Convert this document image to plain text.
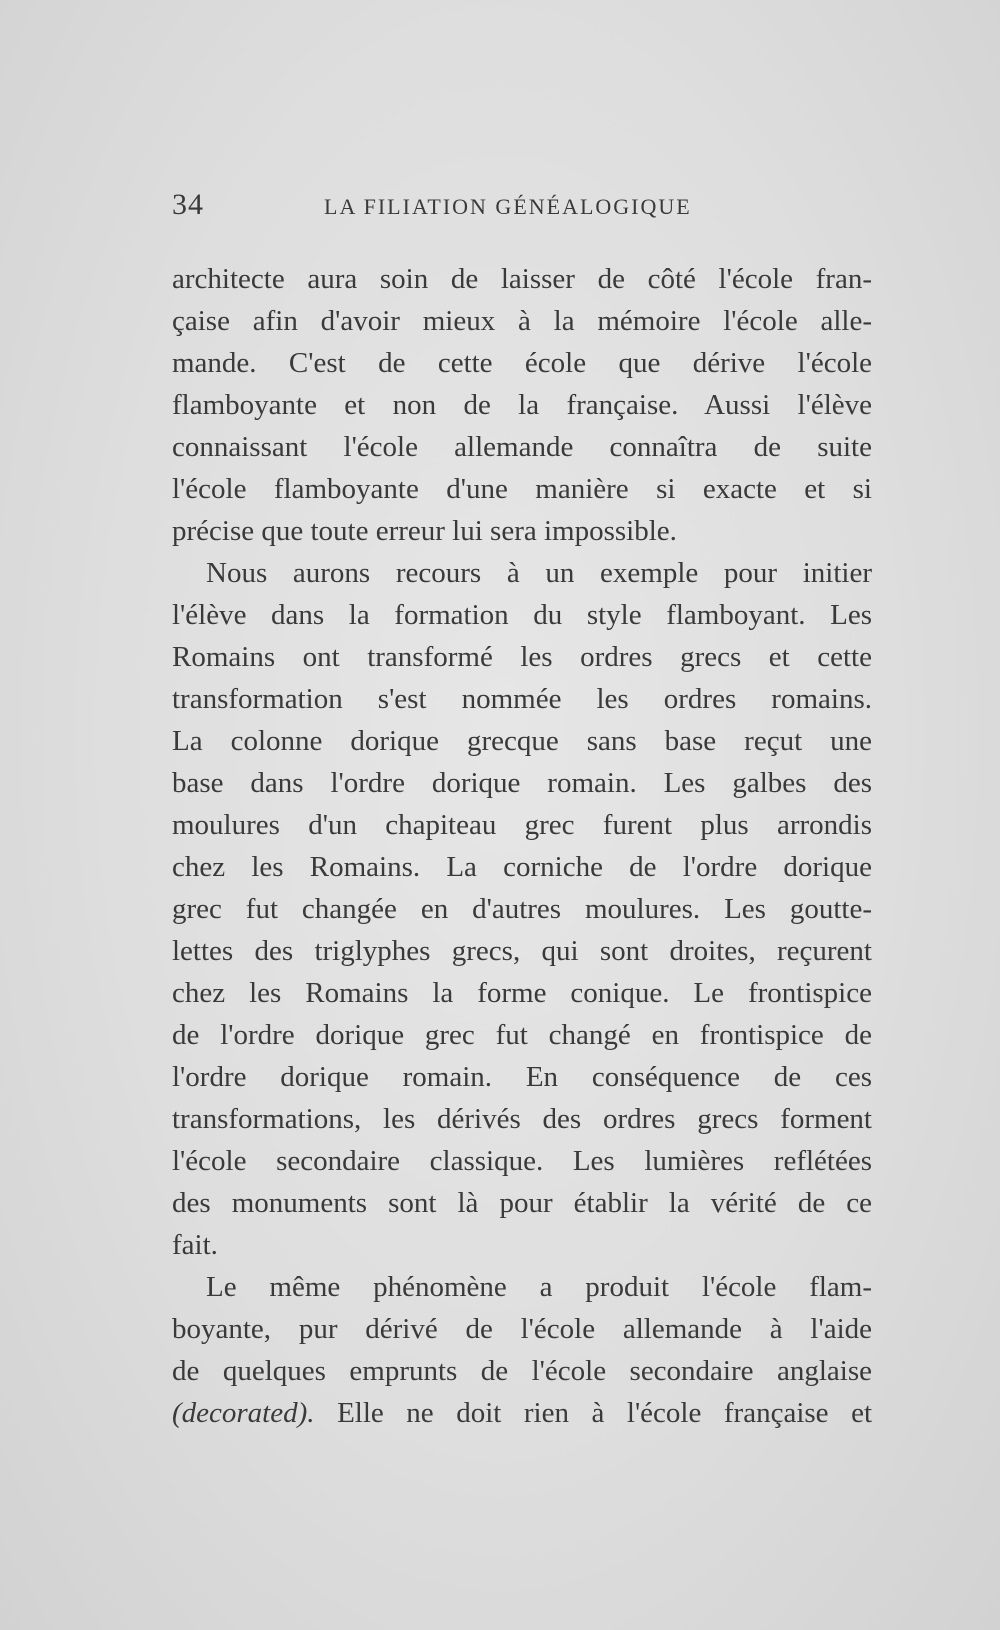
34	LA FILIATION GÉNÉALOGIQUE
architecte aura soin de laisser de côté l'école fran-
çaise afin d'avoir mieux à la mémoire l'école alle-
mande. C'est de cette école que dérive l'école
flamboyante et non de la française. Aussi l'élève
connaissant l'école allemande connaîtra de suite
l'école flamboyante d'une manière si exacte et si
précise que toute erreur lui sera impossible.
Nous aurons recours à un exemple pour initier
l'élève dans la formation du style flamboyant. Les
Romains ont transformé les ordres grecs et cette
transformation s'est nommée les ordres romains.
La colonne dorique grecque sans base reçut une
base dans l'ordre dorique romain. Les galbes des
moulures d'un chapiteau grec furent plus arrondis
chez les Romains. La corniche de l'ordre dorique
grec fut changée en d'autres moulures. Les goutte-
lettes des triglyphes grecs, qui sont droites, reçurent
chez les Romains la forme conique. Le frontispice
de l'ordre dorique grec fut changé en frontispice de
l'ordre dorique romain. En conséquence de ces
transformations, les dérivés des ordres grecs forment
l'école secondaire classique. Les lumières reflétées
des monuments sont là pour établir la vérité de ce
fait.
Le même phénomène a produit l'école flam-
boyante, pur dérivé de l'école allemande à l'aide
de quelques emprunts de l'école secondaire anglaise
(decorated). Elle ne doit rien à l'école française et
